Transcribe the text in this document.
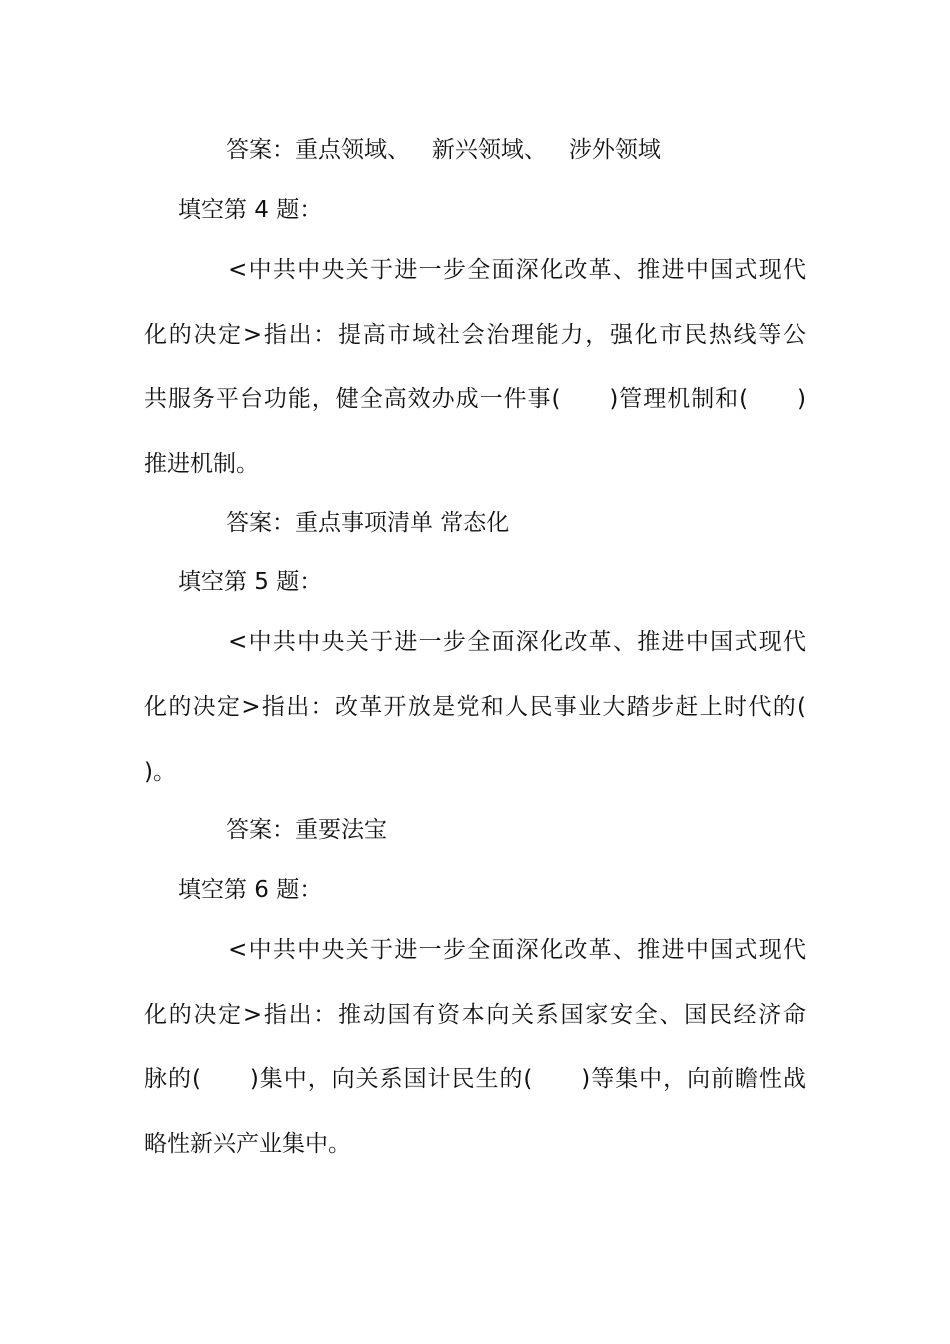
答案：重点领域、   新兴领域、   涉外领域

填空第 4 题：

<中共中央关于进一步全面深化改革、推进中国式现代

化的决定>指出：提高市域社会治理能力，强化市民热线等公

共服务平台功能，健全高效办成一件事(　　)管理机制和(　　)

推进机制。

答案：重点事项清单 常态化

填空第 5 题：

<中共中央关于进一步全面深化改革、推进中国式现代

化的决定>指出：改革开放是党和人民事业大踏步赶上时代的(

)。

答案：重要法宝

填空第 6 题：

<中共中央关于进一步全面深化改革、推进中国式现代

化的决定>指出：推动国有资本向关系国家安全、国民经济命

脉的(　　)集中，向关系国计民生的(　　)等集中，向前瞻性战

略性新兴产业集中。
